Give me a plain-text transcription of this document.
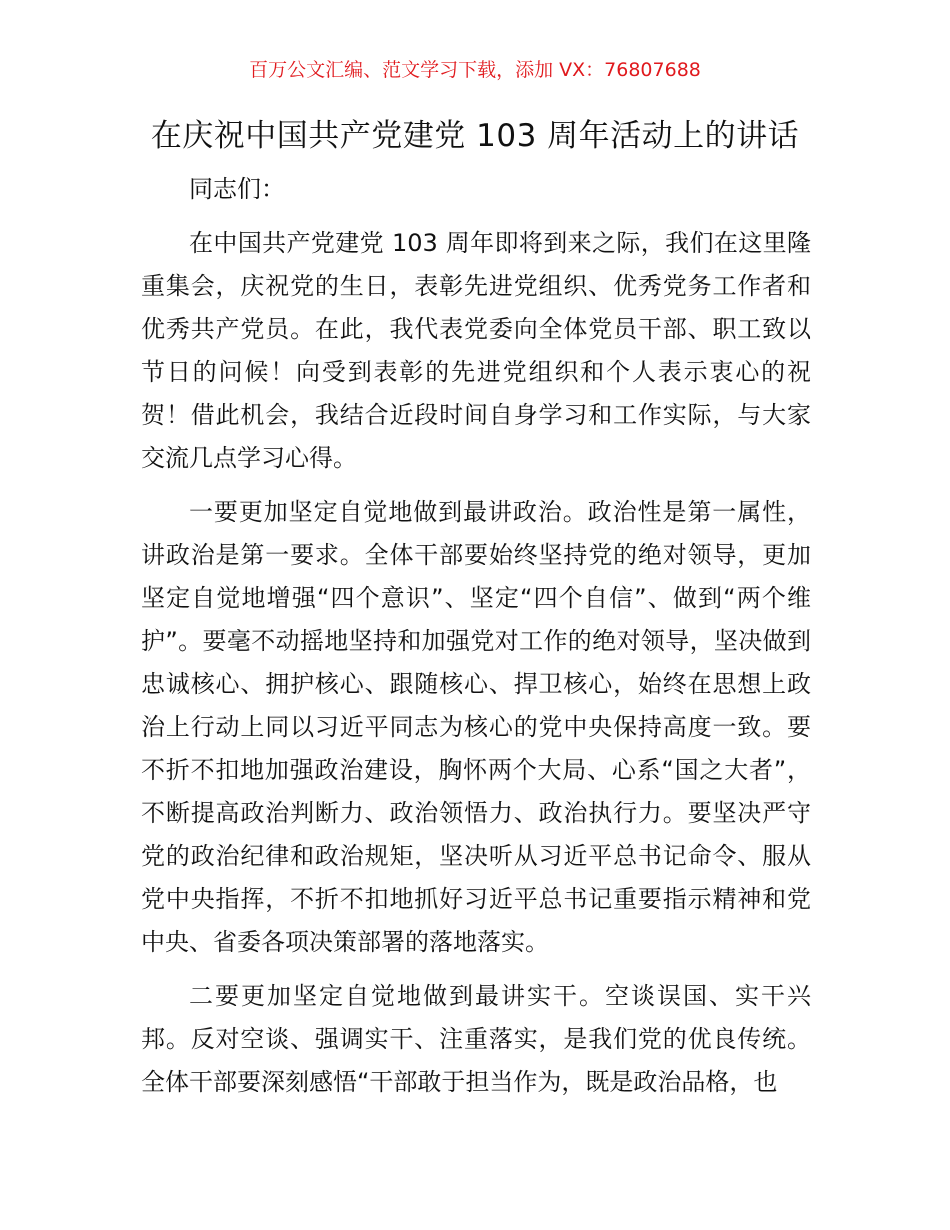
百万公文汇编、范文学习下载，添加 VX：76807688
在庆祝中国共产党建党 103 周年活动上的讲话

同志们：

在中国共产党建党 103 周年即将到来之际，我们在这里隆重集会，庆祝党的生日，表彰先进党组织、优秀党务工作者和优秀共产党员。在此，我代表党委向全体党员干部、职工致以节日的问候！向受到表彰的先进党组织和个人表示衷心的祝贺！借此机会，我结合近段时间自身学习和工作实际，与大家交流几点学习心得。

一要更加坚定自觉地做到最讲政治。政治性是第一属性，讲政治是第一要求。全体干部要始终坚持党的绝对领导，更加坚定自觉地增强“四个意识”、坚定“四个自信”、做到“两个维护”。要毫不动摇地坚持和加强党对工作的绝对领导，坚决做到忠诚核心、拥护核心、跟随核心、捍卫核心，始终在思想上政治上行动上同以习近平同志为核心的党中央保持高度一致。要不折不扣地加强政治建设，胸怀两个大局、心系“国之大者”，不断提高政治判断力、政治领悟力、政治执行力。要坚决严守党的政治纪律和政治规矩，坚决听从习近平总书记命令、服从党中央指挥，不折不扣地抓好习近平总书记重要指示精神和党中央、省委各项决策部署的落地落实。

二要更加坚定自觉地做到最讲实干。空谈误国、实干兴邦。反对空谈、强调实干、注重落实，是我们党的优良传统。全体干部要深刻感悟“干部敢于担当作为，既是政治品格，也
